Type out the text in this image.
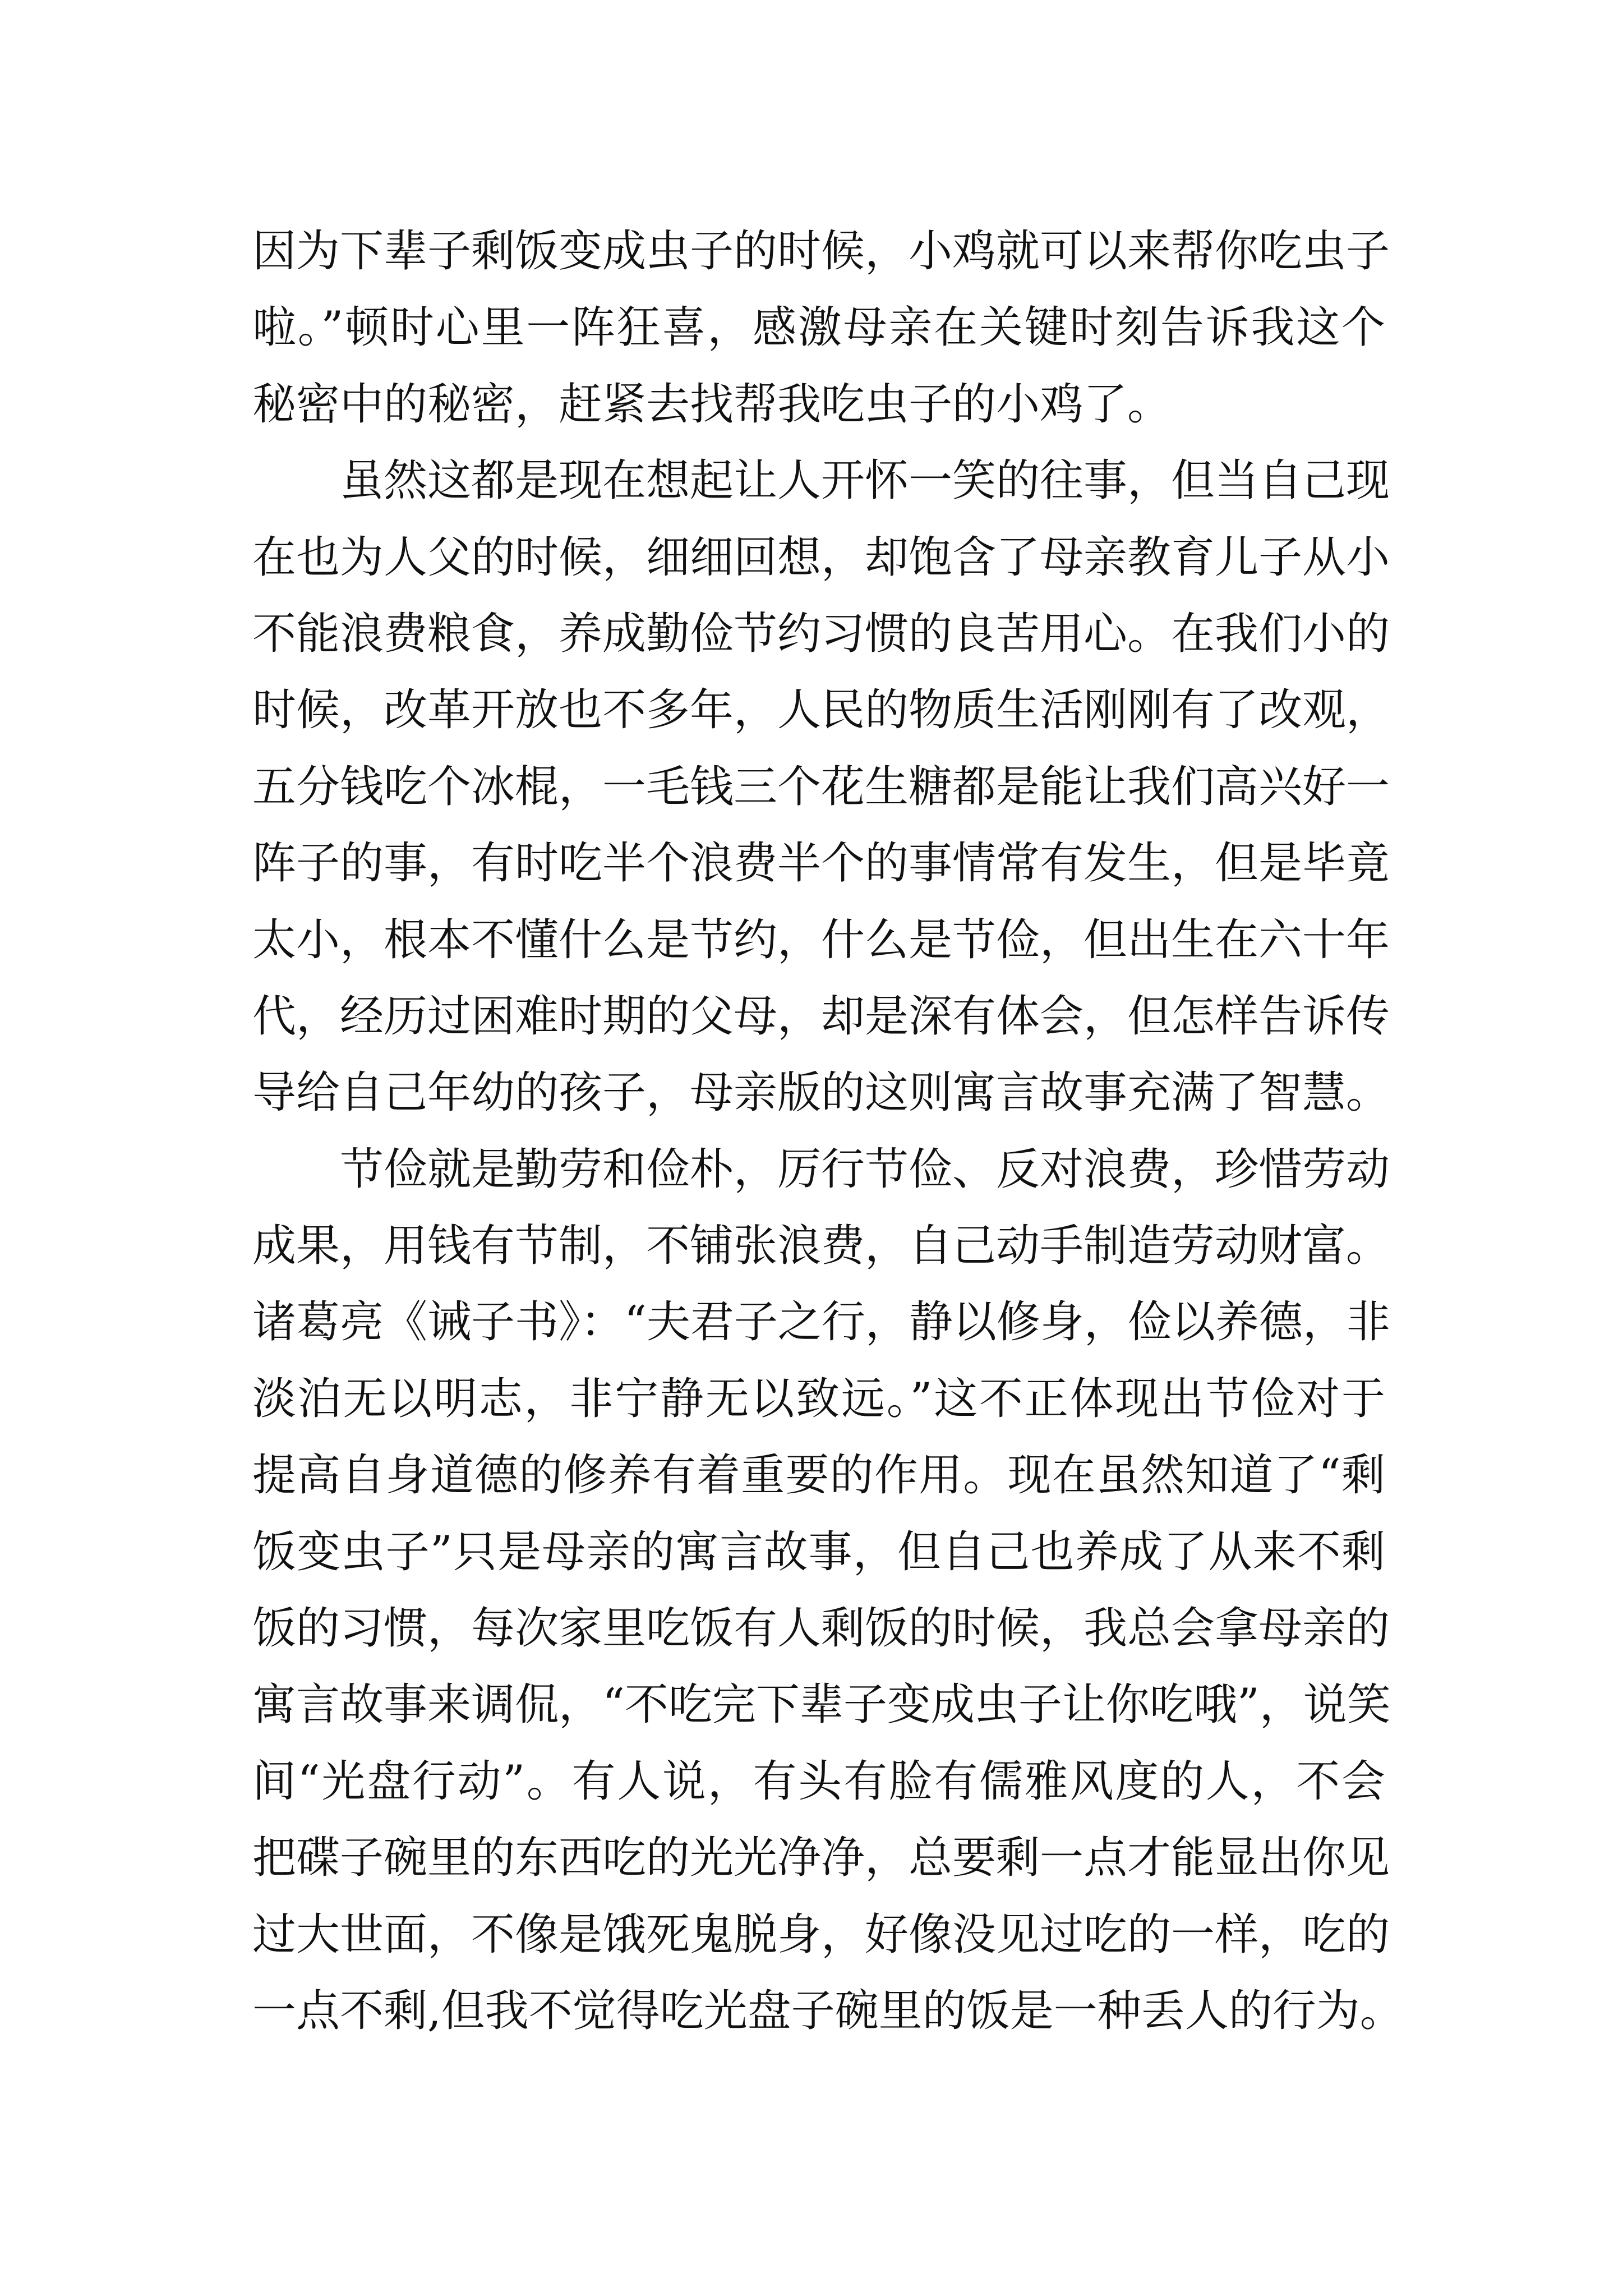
因为下辈子剩饭变成虫子的时候，小鸡就可以来帮你吃虫子
啦。”顿时心里一阵狂喜，感激母亲在关键时刻告诉我这个
秘密中的秘密，赶紧去找帮我吃虫子的小鸡了。
虽然这都是现在想起让人开怀一笑的往事，但当自己现
在也为人父的时候，细细回想，却饱含了母亲教育儿子从小
不能浪费粮食，养成勤俭节约习惯的良苦用心。在我们小的
时候，改革开放也不多年，人民的物质生活刚刚有了改观，
五分钱吃个冰棍，一毛钱三个花生糖都是能让我们高兴好一
阵子的事，有时吃半个浪费半个的事情常有发生，但是毕竟
太小，根本不懂什么是节约，什么是节俭，但出生在六十年
代，经历过困难时期的父母，却是深有体会，但怎样告诉传
导给自己年幼的孩子，母亲版的这则寓言故事充满了智慧。
节俭就是勤劳和俭朴，厉行节俭、反对浪费，珍惜劳动
成果，用钱有节制，不铺张浪费，自己动手制造劳动财富。
诸葛亮《诫子书》：“夫君子之行，静以修身，俭以养德，非
淡泊无以明志，非宁静无以致远。”这不正体现出节俭对于
提高自身道德的修养有着重要的作用。现在虽然知道了“剩
饭变虫子”只是母亲的寓言故事，但自己也养成了从来不剩
饭的习惯，每次家里吃饭有人剩饭的时候，我总会拿母亲的
寓言故事来调侃，“不吃完下辈子变成虫子让你吃哦”，说笑
间“光盘行动”。有人说，有头有脸有儒雅风度的人，不会
把碟子碗里的东西吃的光光净净，总要剩一点才能显出你见
过大世面，不像是饿死鬼脱身，好像没见过吃的一样，吃的
一点不剩,但我不觉得吃光盘子碗里的饭是一种丢人的行为。
